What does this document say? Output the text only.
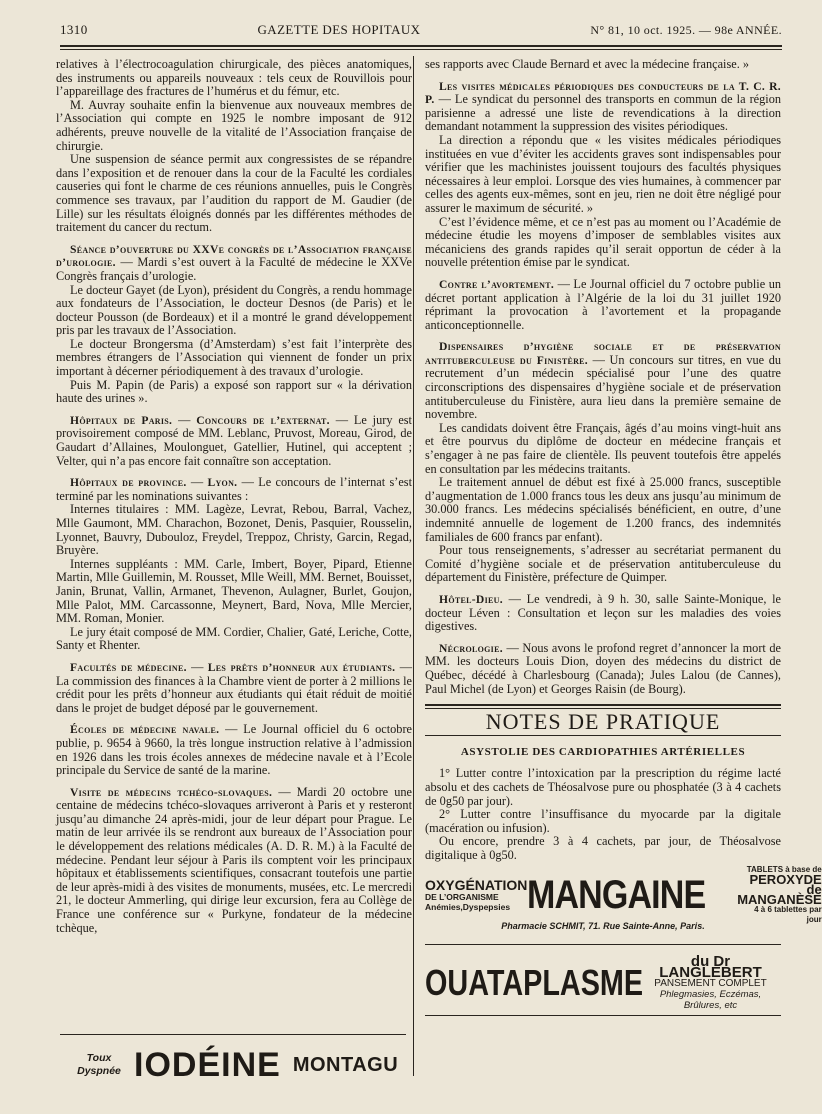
1310	GAZETTE DES HOPITAUX	N° 81, 10 oct. 1925. — 98e ANNÉE.

relatives à l’électrocoagulation chirurgicale, des pièces anatomiques, des instruments ou appareils nouveaux : tels ceux de Rouvillois pour l’appareillage des fractures de l’humérus et du fémur, etc.

M. Auvray souhaite enfin la bienvenue aux nouveaux membres de l’Association qui compte en 1925 le nombre imposant de 912 adhérents, preuve nouvelle de la vitalité de l’Association française de chirurgie.

Une suspension de séance permit aux congressistes de se répandre dans l’exposition et de renouer dans la cour de la Faculté les cordiales causeries qui font le charme de ces réunions annuelles, puis le Congrès commence ses travaux, par l’audition du rapport de M. Gaudier (de Lille) sur les résultats éloignés donnés par les différentes méthodes de traitement du cancer du rectum.

Séance d’ouverture du XXVe congrès de l’Association française d’urologie. — Mardi s’est ouvert à la Faculté de médecine le XXVe Congrès français d’urologie.

Le docteur Gayet (de Lyon), président du Congrès, a rendu hommage aux fondateurs de l’Association, le docteur Desnos (de Paris) et le docteur Pousson (de Bordeaux) et il a montré le grand développement pris par les travaux de l’Association.

Le docteur Brongersma (d’Amsterdam) s’est fait l’interprète des membres étrangers de l’Association qui viennent de fonder un prix important à décerner périodiquement à des travaux d’urologie.

Puis M. Papin (de Paris) a exposé son rapport sur « la dérivation haute des urines ».

Hôpitaux de Paris. — Concours de l’externat. — Le jury est provisoirement composé de MM. Leblanc, Pruvost, Moreau, Girod, de Gaudart d’Allaines, Moulonguet, Gatellier, Hutinel, qui acceptent ; Velter, qui n’a pas encore fait connaître son acceptation.

Hôpitaux de province. — Lyon. — Le concours de l’internat s’est terminé par les nominations suivantes :

Internes titulaires : MM. Lagèze, Levrat, Rebou, Barral, Vachez, Mlle Gaumont, MM. Charachon, Bozonet, Denis, Pasquier, Rousselin, Lyonnet, Bauvry, Dubouloz, Freydel, Treppoz, Christy, Garcin, Regad, Bruyère.

Internes suppléants : MM. Carle, Imbert, Boyer, Pipard, Etienne Martin, Mlle Guillemin, M. Rousset, Mlle Weill, MM. Bernet, Bouisset, Janin, Brunat, Vallin, Armanet, Thevenon, Aulagner, Burlet, Goujon, Mlle Palot, MM. Carcassonne, Meynert, Bard, Nova, Mlle Mercier, MM. Roman, Monier.

Le jury était composé de MM. Cordier, Chalier, Gaté, Leriche, Cotte, Santy et Rhenter.

Facultés de médecine. — Les prêts d’honneur aux étudiants. — La commission des finances à la Chambre vient de porter à 2 millions le crédit pour les prêts d’honneur aux étudiants qui était réduit de moitié dans le projet de budget déposé par le gouvernement.

Écoles de médecine navale. — Le Journal officiel du 6 octobre publie, p. 9654 à 9660, la très longue instruction relative à l’admission en 1926 dans les trois écoles annexes de médecine navale et à l’Ecole principale du Service de santé de la marine.

Visite de médecins tchéco-slovaques. — Mardi 20 octobre une centaine de médecins tchéco-slovaques arriveront à Paris et y resteront jusqu’au dimanche 24 après-midi, jour de leur départ pour Prague. Le matin de leur arrivée ils se rendront aux bureaux de l’Association pour le développement des relations médicales (A. D. R. M.) à la Faculté de médecine. Pendant leur séjour à Paris ils comptent voir les principaux hôpitaux et établissements scientifiques, consacrant toutefois une partie de leur après-midi à des visites de monuments, musées, etc. Le mercredi 21, le docteur Ammerling, qui dirige leur excursion, fera au Collège de France une conférence sur « Purkyne, fondateur de la médecine tchèque,

Toux
Dyspnée IODÉINE MONTAGU

ses rapports avec Claude Bernard et avec la médecine française. »

Les visites médicales périodiques des conducteurs de la T. C. R. P. — Le syndicat du personnel des transports en commun de la région parisienne a adressé une liste de revendications à la direction demandant notamment la suppression des visites périodiques.

La direction a répondu que « les visites médicales périodiques instituées en vue d’éviter les accidents graves sont indispensables pour vérifier que les machinistes jouissent toujours des facultés physiques nécessaires à leur emploi. Lorsque des vies humaines, à commencer par celles des agents eux-mêmes, sont en jeu, rien ne doit être négligé pour assurer le maximum de sécurité. »

C’est l’évidence même, et ce n’est pas au moment ou l’Académie de médecine étudie les moyens d’imposer de semblables visites aux mécaniciens des grands rapides qu’il serait opportun de céder à la nouvelle prétention émise par le syndicat.

Contre l’avortement. — Le Journal officiel du 7 octobre publie un décret portant application à l’Algérie de la loi du 31 juillet 1920 réprimant la provocation à l’avortement et la propagande anticonceptionnelle.

Dispensaires d’hygiène sociale et de préservation antituberculeuse du Finistère. — Un concours sur titres, en vue du recrutement d’un médecin spécialisé pour l’une des quatre circonscriptions des dispensaires d’hygiène sociale et de préservation antituberculeuse du Finistère, aura lieu dans la première semaine de novembre.

Les candidats doivent être Français, âgés d’au moins vingt-huit ans et être pourvus du diplôme de docteur en médecine français et s’engager à ne pas faire de clientèle. Ils peuvent toutefois être appelés en consultation par les médecins traitants.

Le traitement annuel de début est fixé à 25.000 francs, susceptible d’augmentation de 1.000 francs tous les deux ans jusqu’au minimum de 30.000 francs. Les médecins spécialisés bénéficient, en outre, d’une indemnité annuelle de logement de 1.200 francs, des indemnités familiales de 600 francs par enfant).

Pour tous renseignements, s’adresser au secrétariat permanent du Comité d’hygiène sociale et de préservation antituberculeuse du département du Finistère, préfecture de Quimper.

Hôtel-Dieu. — Le vendredi, à 9 h. 30, salle Sainte-Monique, le docteur Léven : Consultation et leçon sur les maladies des voies digestives.

Nécrologie. — Nous avons le profond regret d’annoncer la mort de MM. les docteurs Louis Dion, doyen des médecins du district de Québec, décédé à Charlesbourg (Canada); Jules Lalou (de Cannes), Paul Michel (de Lyon) et Georges Raisin (de Bourg).

NOTES DE PRATIQUE
ASYSTOLIE DES CARDIOPATHIES ARTÉRIELLES

1° Lutter contre l’intoxication par la prescription du régime lacté absolu et des cachets de Théosalvose pure ou phosphatée (3 à 4 cachets de 0g50 par jour).

2° Lutter contre l’insuffisance du myocarde par la digitale (macération ou infusion).

Ou encore, prendre 3 à 4 cachets, par jour, de Théosalvose digitalique à 0g50.

OXYGÉNATION
DE L’ORGANISME
Anémies,Dyspepsies MANGAINE
TABLETS à base de
PEROXYDE de MANGANÈSE
4 à 6 tablettes par jour
Pharmacie SCHMIT, 71. Rue Sainte-Anne, Paris.
OUATAPLASME
du Dr LANGLEBERT
PANSEMENT COMPLET
Phlegmasies, Eczémas, Brûlures, etc
